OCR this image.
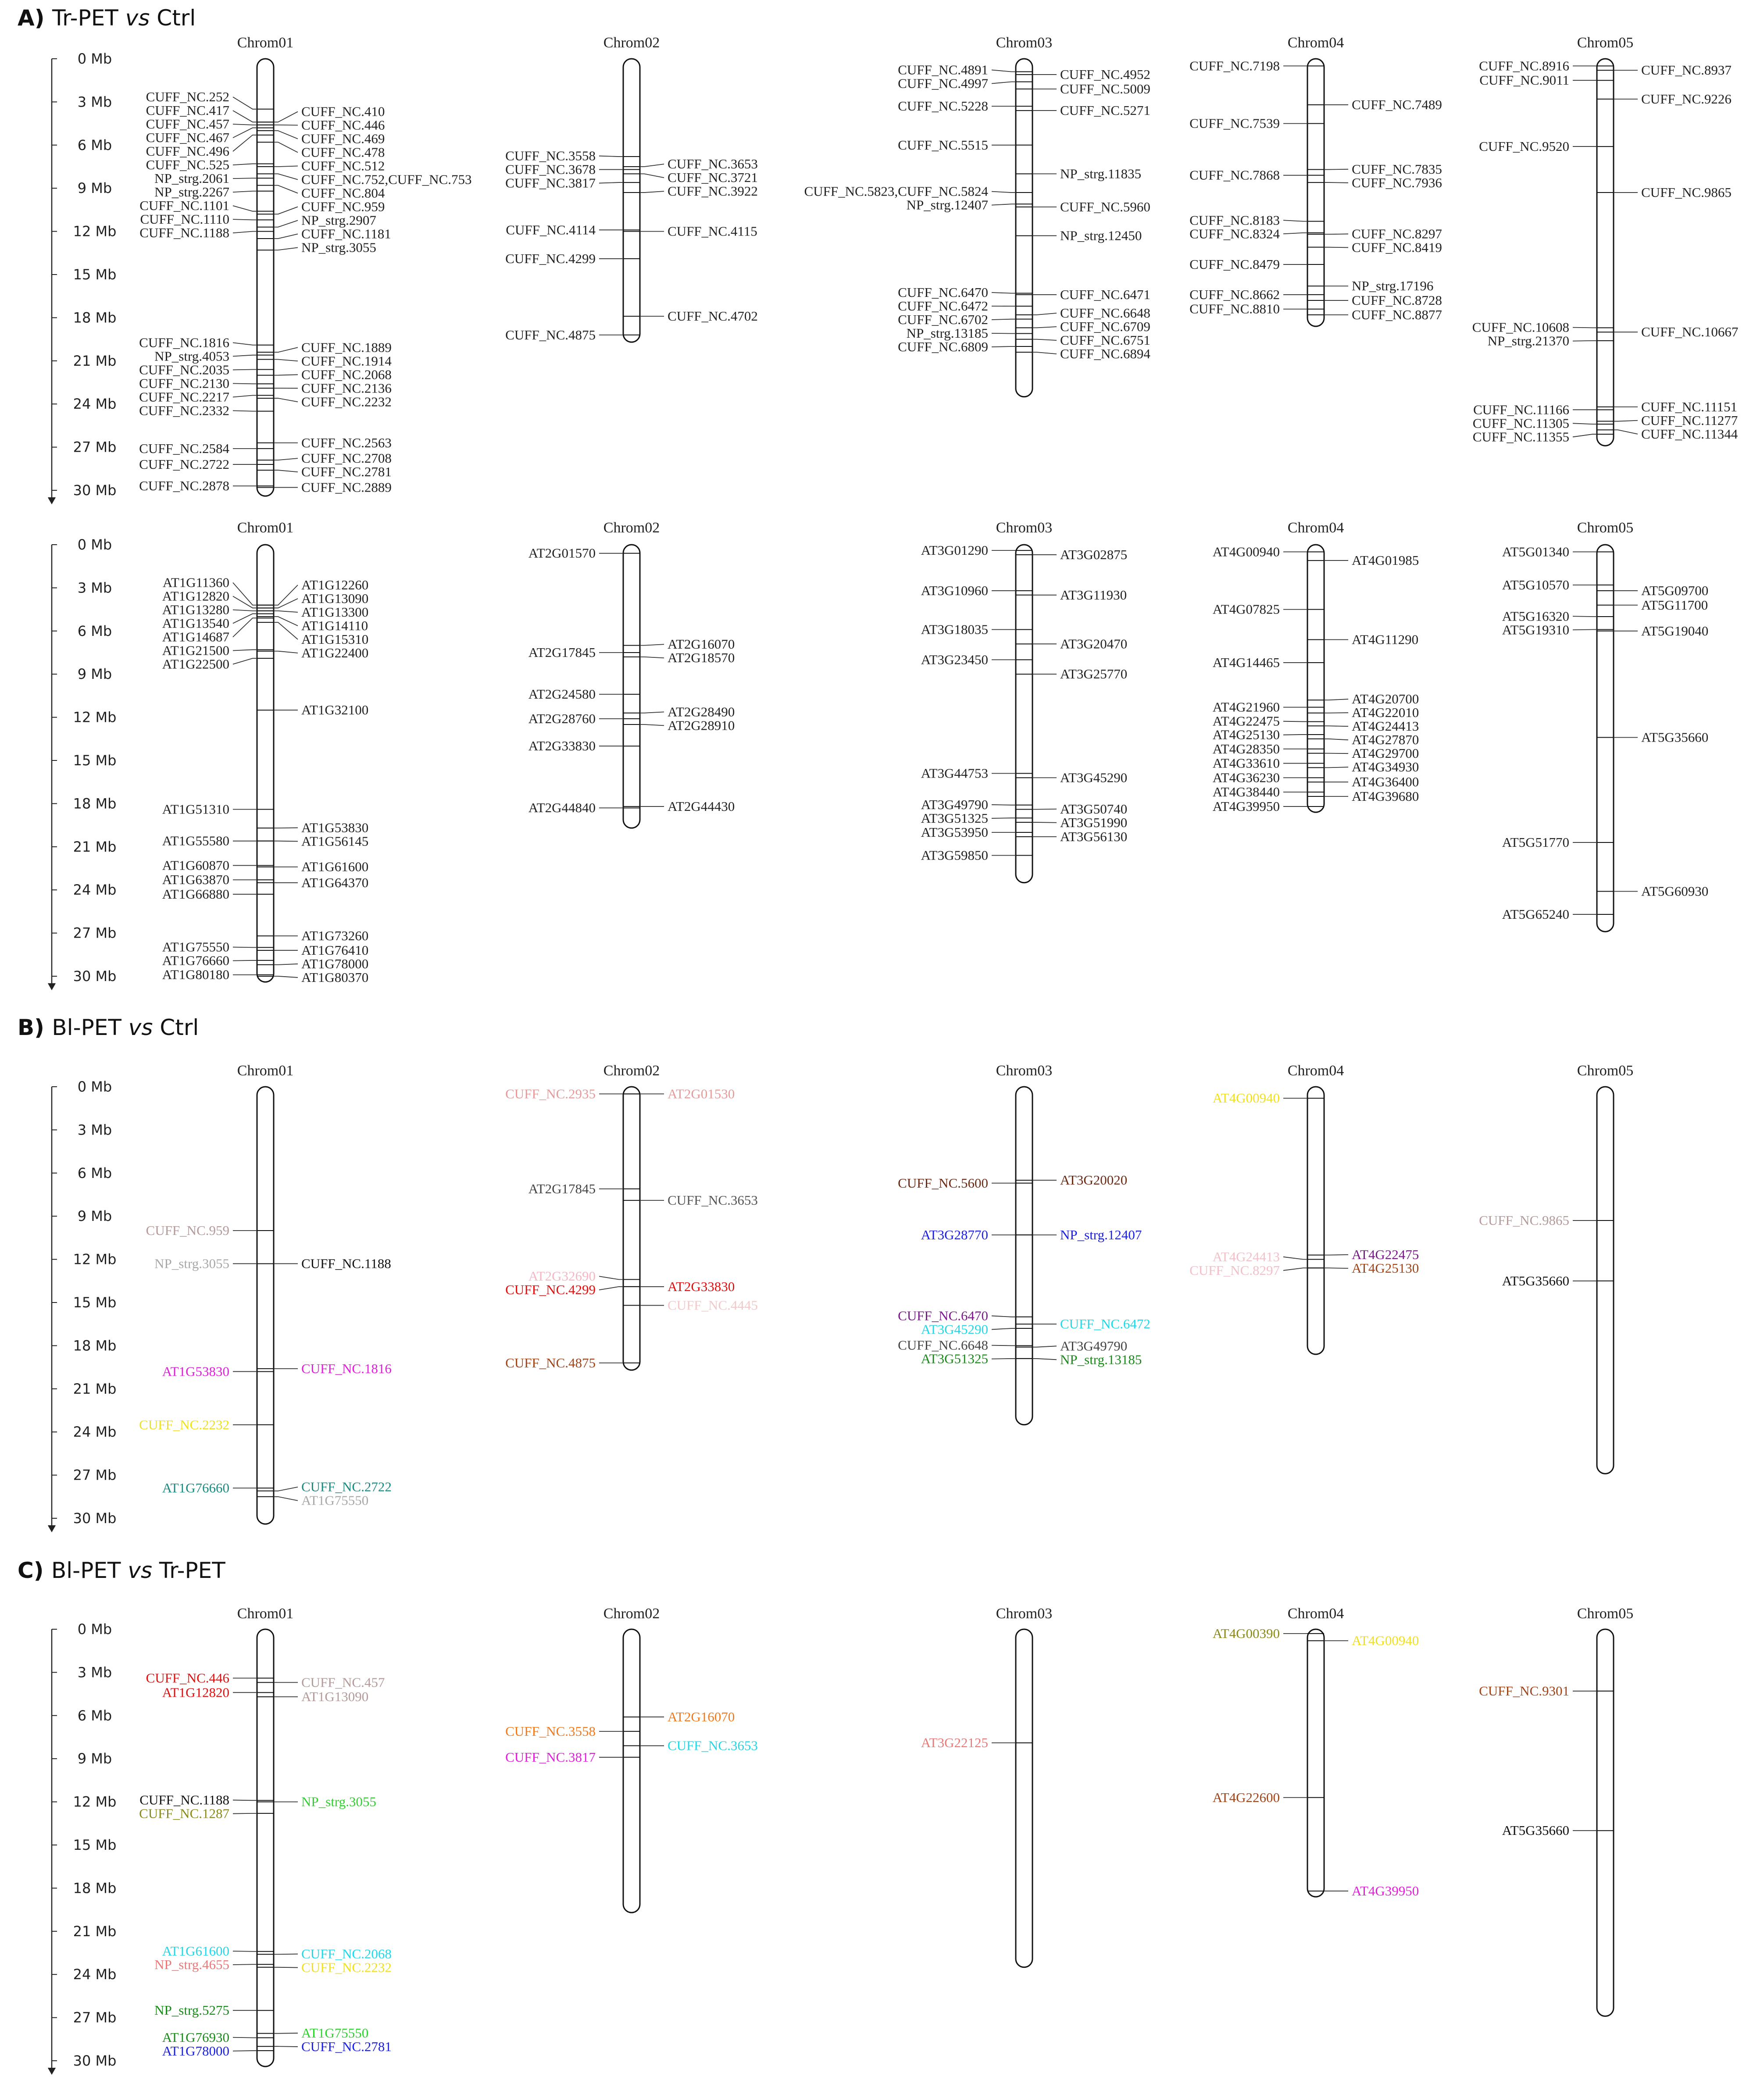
A) Tr-PET vs Ctrl
0 Mb
3 Mb
6 Mb
9 Mb
12 Mb
15 Mb
18 Mb
21 Mb
24 Mb
27 Mb
30 Mb
Chrom01
CUFF_NC.252
CUFF_NC.417
CUFF_NC.457
CUFF_NC.467
CUFF_NC.496
CUFF_NC.525
NP_strg.2061
NP_strg.2267
CUFF_NC.1101
CUFF_NC.1110
CUFF_NC.1188
CUFF_NC.1816
NP_strg.4053
CUFF_NC.2035
CUFF_NC.2130
CUFF_NC.2217
CUFF_NC.2332
CUFF_NC.2584
CUFF_NC.2722
CUFF_NC.2878
CUFF_NC.410
CUFF_NC.446
CUFF_NC.469
CUFF_NC.478
CUFF_NC.512
CUFF_NC.752,CUFF_NC.753
CUFF_NC.804
CUFF_NC.959
NP_strg.2907
CUFF_NC.1181
NP_strg.3055
CUFF_NC.1889
CUFF_NC.1914
CUFF_NC.2068
CUFF_NC.2136
CUFF_NC.2232
CUFF_NC.2563
CUFF_NC.2708
CUFF_NC.2781
CUFF_NC.2889
Chrom02
CUFF_NC.3558
CUFF_NC.3678
CUFF_NC.3817
CUFF_NC.4114
CUFF_NC.4299
CUFF_NC.4875
CUFF_NC.3653
CUFF_NC.3721
CUFF_NC.3922
CUFF_NC.4115
CUFF_NC.4702
Chrom03
CUFF_NC.4891
CUFF_NC.4997
CUFF_NC.5228
CUFF_NC.5515
CUFF_NC.5823,CUFF_NC.5824
NP_strg.12407
CUFF_NC.6470
CUFF_NC.6472
CUFF_NC.6702
NP_strg.13185
CUFF_NC.6809
CUFF_NC.4952
CUFF_NC.5009
CUFF_NC.5271
NP_strg.11835
CUFF_NC.5960
NP_strg.12450
CUFF_NC.6471
CUFF_NC.6648
CUFF_NC.6709
CUFF_NC.6751
CUFF_NC.6894
Chrom04
CUFF_NC.7198
CUFF_NC.7539
CUFF_NC.7868
CUFF_NC.8183
CUFF_NC.8324
CUFF_NC.8479
CUFF_NC.8662
CUFF_NC.8810
CUFF_NC.7489
CUFF_NC.7835
CUFF_NC.7936
CUFF_NC.8297
CUFF_NC.8419
NP_strg.17196
CUFF_NC.8728
CUFF_NC.8877
Chrom05
CUFF_NC.8916
CUFF_NC.9011
CUFF_NC.9520
CUFF_NC.10608
NP_strg.21370
CUFF_NC.11166
CUFF_NC.11305
CUFF_NC.11355
CUFF_NC.8937
CUFF_NC.9226
CUFF_NC.9865
CUFF_NC.10667
CUFF_NC.11151
CUFF_NC.11277
CUFF_NC.11344
0 Mb
3 Mb
6 Mb
9 Mb
12 Mb
15 Mb
18 Mb
21 Mb
24 Mb
27 Mb
30 Mb
Chrom01
AT1G11360
AT1G12820
AT1G13280
AT1G13540
AT1G14687
AT1G21500
AT1G22500
AT1G51310
AT1G55580
AT1G60870
AT1G63870
AT1G66880
AT1G75550
AT1G76660
AT1G80180
AT1G12260
AT1G13090
AT1G13300
AT1G14110
AT1G15310
AT1G22400
AT1G32100
AT1G53830
AT1G56145
AT1G61600
AT1G64370
AT1G73260
AT1G76410
AT1G78000
AT1G80370
Chrom02
AT2G01570
AT2G17845
AT2G24580
AT2G28760
AT2G33830
AT2G44840
AT2G16070
AT2G18570
AT2G28490
AT2G28910
AT2G44430
Chrom03
AT3G01290
AT3G10960
AT3G18035
AT3G23450
AT3G44753
AT3G49790
AT3G51325
AT3G53950
AT3G59850
AT3G02875
AT3G11930
AT3G20470
AT3G25770
AT3G45290
AT3G50740
AT3G51990
AT3G56130
Chrom04
AT4G00940
AT4G07825
AT4G14465
AT4G21960
AT4G22475
AT4G25130
AT4G28350
AT4G33610
AT4G36230
AT4G38440
AT4G39950
AT4G01985
AT4G11290
AT4G20700
AT4G22010
AT4G24413
AT4G27870
AT4G29700
AT4G34930
AT4G36400
AT4G39680
Chrom05
AT5G01340
AT5G10570
AT5G16320
AT5G19310
AT5G51770
AT5G65240
AT5G09700
AT5G11700
AT5G19040
AT5G35660
AT5G60930
B) Bl-PET vs Ctrl
0 Mb
3 Mb
6 Mb
9 Mb
12 Mb
15 Mb
18 Mb
21 Mb
24 Mb
27 Mb
30 Mb
Chrom01
CUFF_NC.959
NP_strg.3055
AT1G53830
CUFF_NC.2232
AT1G76660
CUFF_NC.1188
CUFF_NC.1816
CUFF_NC.2722
AT1G75550
Chrom02
CUFF_NC.2935
AT2G17845
AT2G32690
CUFF_NC.4299
CUFF_NC.4875
AT2G01530
CUFF_NC.3653
AT2G33830
CUFF_NC.4445
Chrom03
CUFF_NC.5600
AT3G28770
CUFF_NC.6470
AT3G45290
CUFF_NC.6648
AT3G51325
AT3G20020
NP_strg.12407
CUFF_NC.6472
AT3G49790
NP_strg.13185
Chrom04
AT4G00940
AT4G24413
CUFF_NC.8297
AT4G22475
AT4G25130
Chrom05
CUFF_NC.9865
AT5G35660
C) Bl-PET vs Tr-PET
0 Mb
3 Mb
6 Mb
9 Mb
12 Mb
15 Mb
18 Mb
21 Mb
24 Mb
27 Mb
30 Mb
Chrom01
CUFF_NC.446
AT1G12820
CUFF_NC.1188
CUFF_NC.1287
AT1G61600
NP_strg.4655
NP_strg.5275
AT1G76930
AT1G78000
CUFF_NC.457
AT1G13090
NP_strg.3055
CUFF_NC.2068
CUFF_NC.2232
AT1G75550
CUFF_NC.2781
Chrom02
CUFF_NC.3558
CUFF_NC.3817
AT2G16070
CUFF_NC.3653
Chrom03
AT3G22125
Chrom04
AT4G00390
AT4G22600
AT4G00940
AT4G39950
Chrom05
CUFF_NC.9301
AT5G35660
